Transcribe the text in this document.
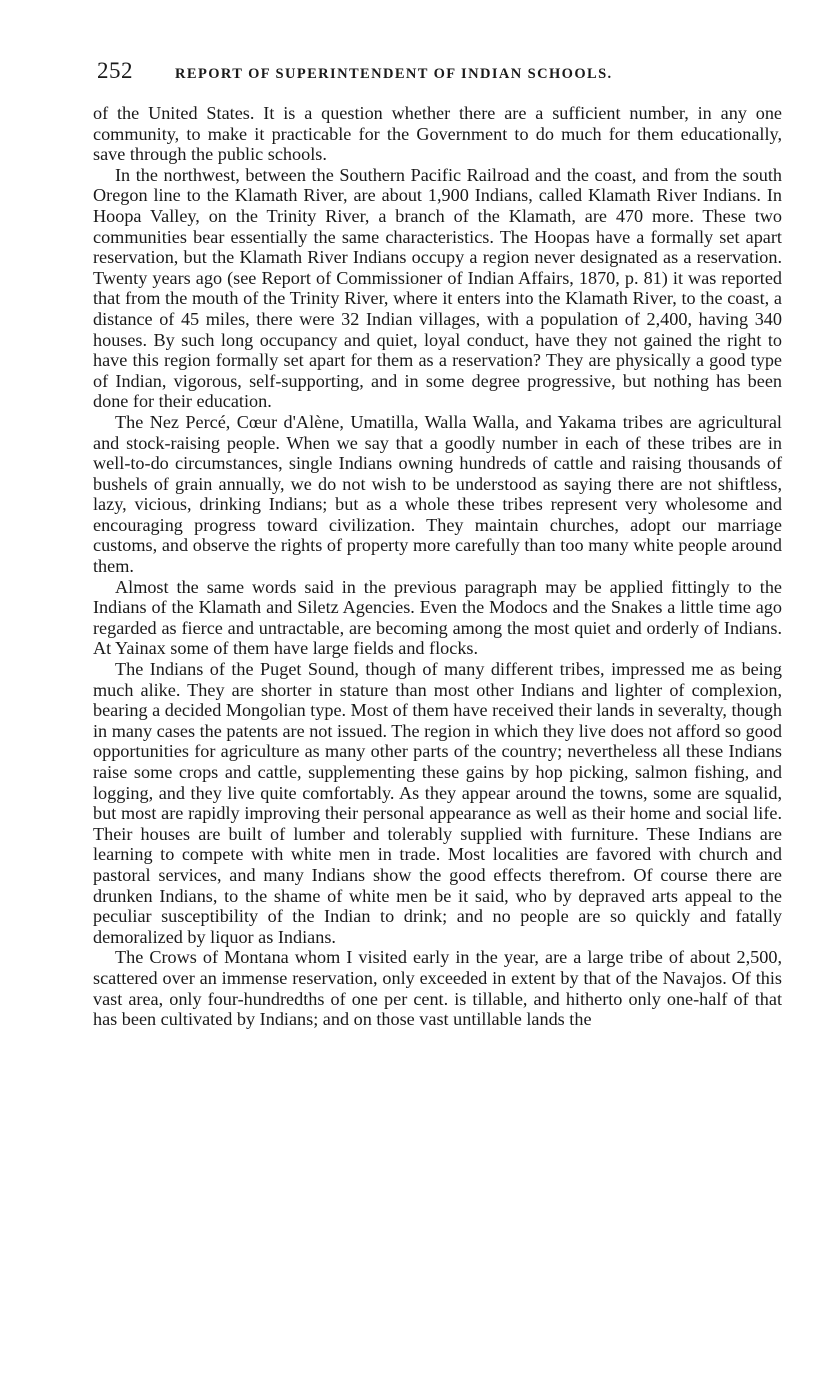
252	REPORT OF SUPERINTENDENT OF INDIAN SCHOOLS.

of the United States. It is a question whether there are a sufficient number, in any one community, to make it practicable for the Government to do much for them educationally, save through the public schools.

In the northwest, between the Southern Pacific Railroad and the coast, and from the south Oregon line to the Klamath River, are about 1,900 Indians, called Klamath River Indians. In Hoopa Valley, on the Trinity River, a branch of the Klamath, are 470 more. These two communities bear essentially the same characteristics. The Hoopas have a formally set apart reservation, but the Klamath River Indians occupy a region never designated as a reservation. Twenty years ago (see Report of Commissioner of Indian Affairs, 1870, p. 81) it was reported that from the mouth of the Trinity River, where it enters into the Klamath River, to the coast, a distance of 45 miles, there were 32 Indian villages, with a population of 2,400, having 340 houses. By such long occupancy and quiet, loyal conduct, have they not gained the right to have this region formally set apart for them as a reservation? They are physically a good type of Indian, vigorous, self-supporting, and in some degree progressive, but nothing has been done for their education.

The Nez Percé, Cœur d'Alène, Umatilla, Walla Walla, and Yakama tribes are agricultural and stock-raising people. When we say that a goodly number in each of these tribes are in well-to-do circumstances, single Indians owning hundreds of cattle and raising thousands of bushels of grain annually, we do not wish to be understood as saying there are not shiftless, lazy, vicious, drinking Indians; but as a whole these tribes represent very wholesome and encouraging progress toward civilization. They maintain churches, adopt our marriage customs, and observe the rights of property more carefully than too many white people around them.

Almost the same words said in the previous paragraph may be applied fittingly to the Indians of the Klamath and Siletz Agencies. Even the Modocs and the Snakes a little time ago regarded as fierce and untractable, are becoming among the most quiet and orderly of Indians. At Yainax some of them have large fields and flocks.

The Indians of the Puget Sound, though of many different tribes, impressed me as being much alike. They are shorter in stature than most other Indians and lighter of complexion, bearing a decided Mongolian type. Most of them have received their lands in severalty, though in many cases the patents are not issued. The region in which they live does not afford so good opportunities for agriculture as many other parts of the country; nevertheless all these Indians raise some crops and cattle, supplementing these gains by hop picking, salmon fishing, and logging, and they live quite comfortably. As they appear around the towns, some are squalid, but most are rapidly improving their personal appearance as well as their home and social life. Their houses are built of lumber and tolerably supplied with furniture. These Indians are learning to compete with white men in trade. Most localities are favored with church and pastoral services, and many Indians show the good effects therefrom. Of course there are drunken Indians, to the shame of white men be it said, who by depraved arts appeal to the peculiar susceptibility of the Indian to drink; and no people are so quickly and fatally demoralized by liquor as Indians.

The Crows of Montana whom I visited early in the year, are a large tribe of about 2,500, scattered over an immense reservation, only exceeded in extent by that of the Navajos. Of this vast area, only four-hundredths of one per cent. is tillable, and hitherto only one-half of that has been cultivated by Indians; and on those vast untillable lands the
